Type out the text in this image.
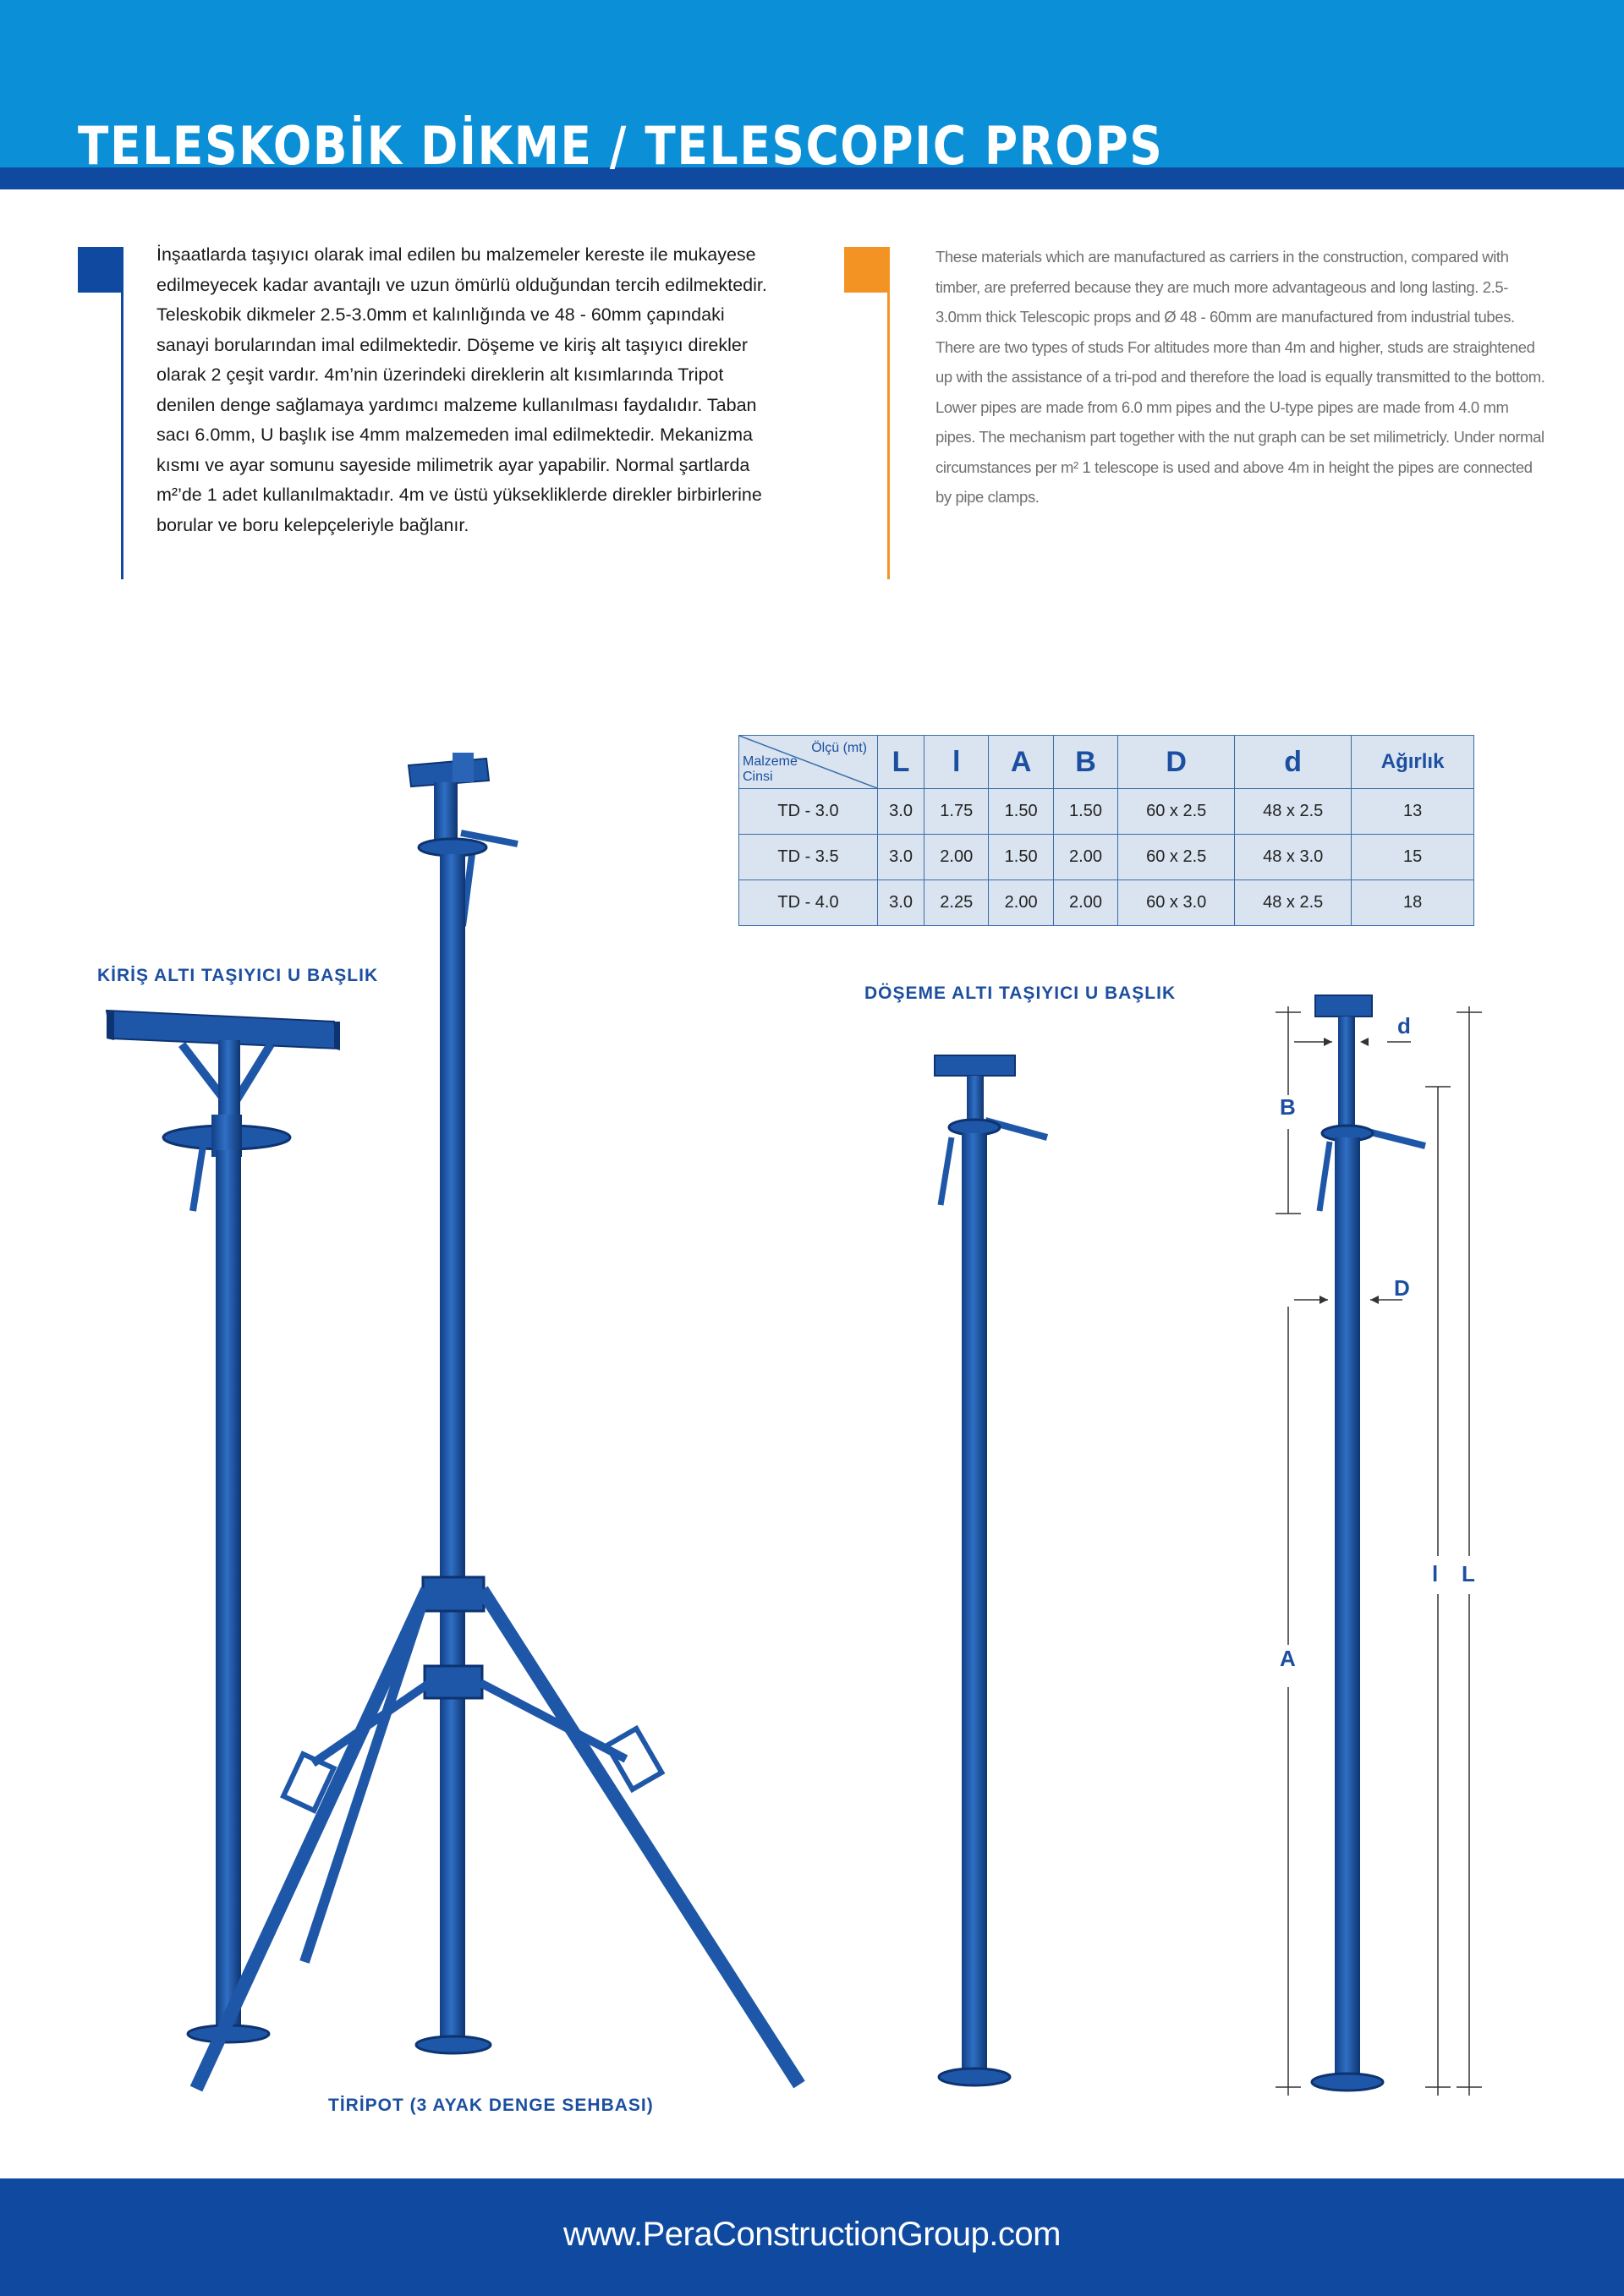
TELESKOBİK DİKME / TELESCOPIC PROPS
İnşaatlarda taşıyıcı olarak imal edilen bu malzemeler kereste ile mukayese edilmeyecek kadar avantajlı ve uzun ömürlü olduğundan tercih edilmektedir. Teleskobik dikmeler 2.5-3.0mm et kalınlığında ve 48 - 60mm çapındaki sanayi borularından imal edilmektedir. Döşeme ve kiriş alt taşıyıcı direkler olarak 2 çeşit vardır. 4m’nin üzerindeki direklerin alt kısımlarında Tripot denilen denge sağlamaya yardımcı malzeme kullanılması faydalıdır. Taban sacı 6.0mm, U başlık ise 4mm malzemeden imal edilmektedir. Mekanizma kısmı ve ayar somunu sayeside milimetrik ayar yapabilir. Normal şartlarda m²’de 1 adet kullanılmaktadır. 4m ve üstü yüksekliklerde direkler birbirlerine borular ve boru kelepçeleriyle bağlanır.
These materials which are manufactured as carriers in the construction, compared with timber, are preferred because they are much more advantageous and long lasting. 2.5-3.0mm thick Telescopic props and Ø 48 - 60mm are manufactured from industrial tubes. There are two types of studs For altitudes more than 4m and higher, studs are straightened up with the assistance of a tri-pod and therefore the load is equally transmitted to the bottom. Lower pipes are made from 6.0 mm pipes and the U-type pipes are made from 4.0 mm pipes. The mechanism part together with the nut graph can be set milimetricly. Under normal circumstances per m² 1 telescope is used and above 4m in height the pipes are connected by pipe clamps.
Ölçü (mt)
Malzeme
Cinsi	L	l	A	B	D	d	Ağırlık
TD - 3.0	3.0	1.75	1.50	1.50	60 x 2.5	48 x 2.5	13
TD - 3.5	3.0	2.00	1.50	2.00	60 x 2.5	48 x 3.0	15
TD - 4.0	3.0	2.25	2.00	2.00	60 x 3.0	48 x 2.5	18
KİRİŞ ALTI TAŞIYICI U BAŞLIK
DÖŞEME ALTI TAŞIYICI U BAŞLIK
TİRİPOT (3 AYAK DENGE SEHBASI)
d
B
D
A
l L
www.PeraConstructionGroup.com
